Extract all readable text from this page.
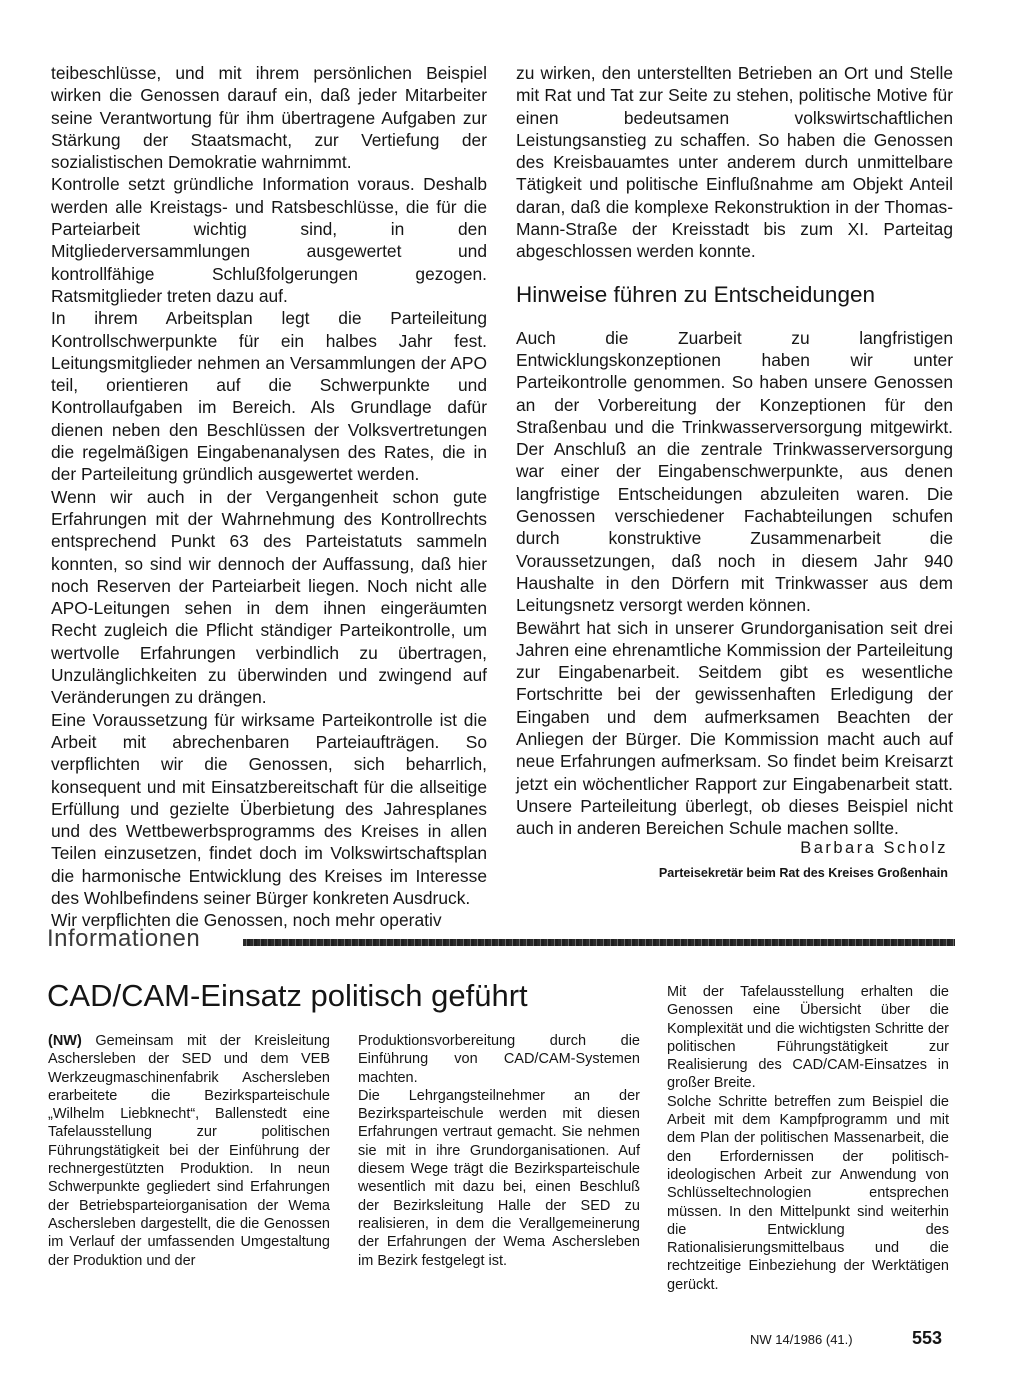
teibeschlüsse, und mit ihrem persönlichen Beispiel wirken die Genossen darauf ein, daß jeder Mitarbeiter seine Verantwortung für ihm übertragene Aufgaben zur Stärkung der Staatsmacht, zur Vertiefung der sozialistischen Demokratie wahrnimmt.

Kontrolle setzt gründliche Information voraus. Deshalb werden alle Kreistags- und Ratsbeschlüsse, die für die Parteiarbeit wichtig sind, in den Mitgliederversammlungen ausgewertet und kontrollfähige Schlußfolgerungen gezogen. Ratsmitglieder treten dazu auf.

In ihrem Arbeitsplan legt die Parteileitung Kontrollschwerpunkte für ein halbes Jahr fest. Leitungsmitglieder nehmen an Versammlungen der APO teil, orientieren auf die Schwerpunkte und Kontrollaufgaben im Bereich. Als Grundlage dafür dienen neben den Beschlüssen der Volksvertretungen die regelmäßigen Eingabenanalysen des Rates, die in der Parteileitung gründlich ausgewertet werden.

Wenn wir auch in der Vergangenheit schon gute Erfahrungen mit der Wahrnehmung des Kontrollrechts entsprechend Punkt 63 des Parteistatuts sammeln konnten, so sind wir dennoch der Auffassung, daß hier noch Reserven der Parteiarbeit liegen. Noch nicht alle APO-Leitungen sehen in dem ihnen eingeräumten Recht zugleich die Pflicht ständiger Parteikontrolle, um wertvolle Erfahrungen verbindlich zu übertragen, Unzulänglichkeiten zu überwinden und zwingend auf Veränderungen zu drängen.

Eine Voraussetzung für wirksame Parteikontrolle ist die Arbeit mit abrechenbaren Parteiaufträgen. So verpflichten wir die Genossen, sich beharrlich, konsequent und mit Einsatzbereitschaft für die allseitige Erfüllung und gezielte Überbietung des Jahresplanes und des Wettbewerbsprogramms des Kreises in allen Teilen einzusetzen, findet doch im Volkswirtschaftsplan die harmonische Entwicklung des Kreises im Interesse des Wohlbefindens seiner Bürger konkreten Ausdruck.

Wir verpflichten die Genossen, noch mehr operativ

zu wirken, den unterstellten Betrieben an Ort und Stelle mit Rat und Tat zur Seite zu stehen, politische Motive für einen bedeutsamen volkswirtschaftlichen Leistungsanstieg zu schaffen. So haben die Genossen des Kreisbauamtes unter anderem durch unmittelbare Tätigkeit und politische Einflußnahme am Objekt Anteil daran, daß die komplexe Rekonstruktion in der Thomas-Mann-Straße der Kreisstadt bis zum XI. Parteitag abgeschlossen werden konnte.

Hinweise führen zu Entscheidungen

Auch die Zuarbeit zu langfristigen Entwicklungskonzeptionen haben wir unter Parteikontrolle genommen. So haben unsere Genossen an der Vorbereitung der Konzeptionen für den Straßenbau und die Trinkwasserversorgung mitgewirkt. Der Anschluß an die zentrale Trinkwasserversorgung war einer der Eingabenschwerpunkte, aus denen langfristige Entscheidungen abzuleiten waren. Die Genossen verschiedener Fachabteilungen schufen durch konstruktive Zusammenarbeit die Voraussetzungen, daß noch in diesem Jahr 940 Haushalte in den Dörfern mit Trinkwasser aus dem Leitungsnetz versorgt werden können.

Bewährt hat sich in unserer Grundorganisation seit drei Jahren eine ehrenamtliche Kommission der Parteileitung zur Eingabenarbeit. Seitdem gibt es wesentliche Fortschritte bei der gewissenhaften Erledigung der Eingaben und dem aufmerksamen Beachten der Anliegen der Bürger. Die Kommission macht auch auf neue Erfahrungen aufmerksam. So findet beim Kreisarzt jetzt ein wöchentlicher Rapport zur Eingabenarbeit statt. Unsere Parteileitung überlegt, ob dieses Beispiel nicht auch in anderen Bereichen Schule machen sollte.

Barbara Scholz
Parteisekretär beim Rat des Kreises Großenhain
Informationen
CAD/CAM-Einsatz politisch geführt

(NW) Gemeinsam mit der Kreisleitung Aschersleben der SED und dem VEB Werkzeugmaschinenfabrik Aschersleben erarbeitete die Bezirksparteischule „Wilhelm Liebknecht“, Ballenstedt eine Tafelausstellung zur politischen Führungstätigkeit bei der Einführung der rechnergestützten Produktion. In neun Schwerpunkte gegliedert sind Erfahrungen der Betriebsparteiorganisation der Wema Aschersleben dargestellt, die die Genossen im Verlauf der umfassenden Umgestaltung der Produktion und der

Produktionsvorbereitung durch die Einführung von CAD/CAM-Systemen machten.

Die Lehrgangsteilnehmer an der Bezirksparteischule werden mit diesen Erfahrungen vertraut gemacht. Sie nehmen sie mit in ihre Grundorganisationen. Auf diesem Wege trägt die Bezirksparteischule wesentlich mit dazu bei, einen Beschluß der Bezirksleitung Halle der SED zu realisieren, in dem die Verallgemeinerung der Erfahrungen der Wema Aschersleben im Bezirk festgelegt ist.

Mit der Tafelausstellung erhalten die Genossen eine Übersicht über die Komplexität und die wichtigsten Schritte der politischen Führungstätigkeit zur Realisierung des CAD/CAM-Einsatzes in großer Breite.

Solche Schritte betreffen zum Beispiel die Arbeit mit dem Kampfprogramm und mit dem Plan der politischen Massenarbeit, die den Erfordernissen der politisch-ideologischen Arbeit zur Anwendung von Schlüsseltechnologien entsprechen müssen. In den Mittelpunkt sind weiterhin die Entwicklung des Rationalisierungsmittelbaus und die rechtzeitige Einbeziehung der Werktätigen gerückt.

NW 14/1986 (41.)	553
